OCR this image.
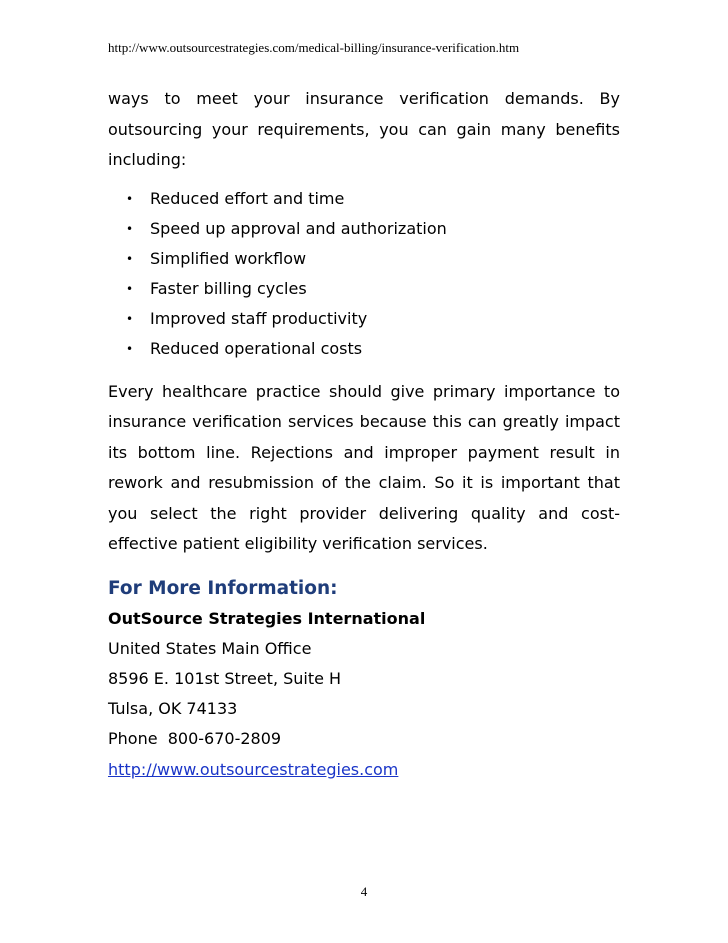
http://www.outsourcestrategies.com/medical-billing/insurance-verification.htm

ways to meet your insurance verification demands. By outsourcing your requirements, you can gain many benefits including:

• Reduced effort and time
• Speed up approval and authorization
• Simplified workflow
• Faster billing cycles
• Improved staff productivity
• Reduced operational costs

Every healthcare practice should give primary importance to insurance verification services because this can greatly impact its bottom line. Rejections and improper payment result in rework and resubmission of the claim. So it is important that you select the right provider delivering quality and cost-effective patient eligibility verification services.

For More Information:

OutSource Strategies International

United States Main Office

8596 E. 101st Street, Suite H

Tulsa, OK 74133

Phone  800-670-2809

http://www.outsourcestrategies.com

4
